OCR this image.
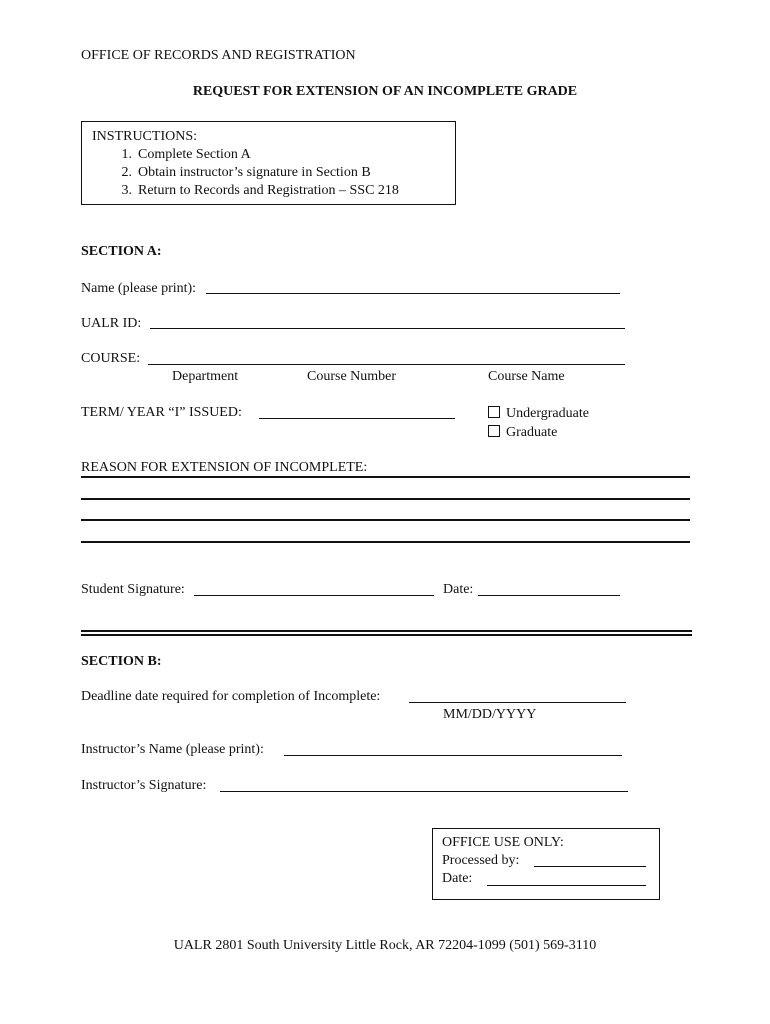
OFFICE OF RECORDS AND REGISTRATION
REQUEST FOR EXTENSION OF AN INCOMPLETE GRADE
INSTRUCTIONS:
1. Complete Section A
2. Obtain instructor’s signature in Section B
3. Return to Records and Registration – SSC 218
SECTION A:
Name (please print):
UALR ID:
COURSE:
Department	Course Number	Course Name
TERM/ YEAR “I” ISSUED:	Undergraduate
Graduate
REASON FOR EXTENSION OF INCOMPLETE:
Student Signature:	Date:
SECTION B:
Deadline date required for completion of Incomplete:
MM/DD/YYYY
Instructor’s Name (please print):
Instructor’s Signature:
OFFICE USE ONLY:
Processed by:
Date:
UALR 2801 South University Little Rock, AR 72204-1099 (501) 569-3110
